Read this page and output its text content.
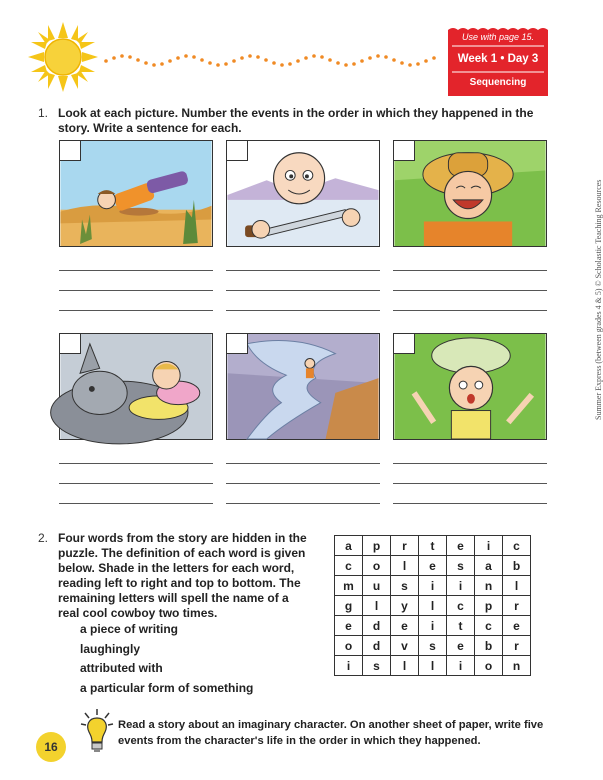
Use with page 15.
Week 1 • Day 3
Sequencing
1. Look at each picture. Number the events in the order in which they happened in the story. Write a sentence for each.
2. Four words from the story are hidden in the
puzzle. The definition of each word is given
below. Shade in the letters for each word,
reading left to right and top to bottom. The
remaining letters will spell the name of a
real cool cowboy two times.
a piece of writing
laughingly
attributed with
a particular form of something
a	p	r	t	e	i	c
c	o	l	e	s	a	b
m	u	s	i	i	n	l
g	l	y	l	c	p	r
e	d	e	i	t	c	e
o	d	v	s	e	b	r
i	s	l	l	i	o	n
16
Read a story about an imaginary character. On another sheet of paper, write five
events from the character's life in the order in which they happened.
Summer Express (between grades 4 & 5) © Scholastic Teaching Resources
